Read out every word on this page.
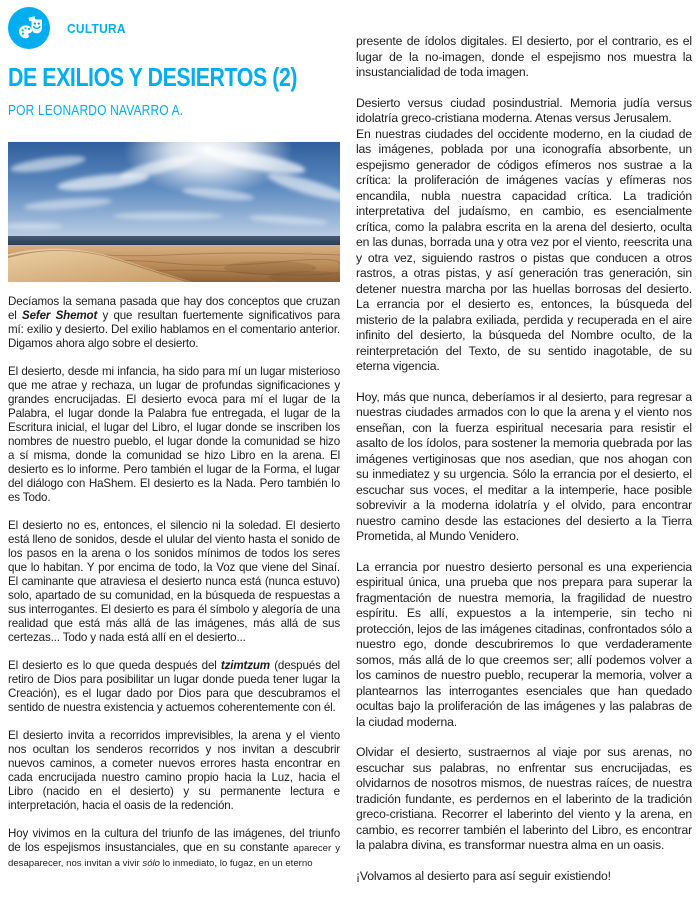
CULTURA
DE EXILIOS Y DESIERTOS (2)
POR LEONARDO NAVARRO A.

Decíamos la semana pasada que hay dos conceptos que cruzan el Sefer Shemot y que resultan fuertemente significativos para mí: exilio y desierto. Del exilio hablamos en el comentario anterior. Digamos ahora algo sobre el desierto.

El desierto, desde mi infancia, ha sido para mí un lugar misterioso que me atrae y rechaza, un lugar de profundas significaciones y grandes encrucijadas. El desierto evoca para mí el lugar de la Palabra, el lugar donde la Palabra fue entregada, el lugar de la Escritura inicial, el lugar del Libro, el lugar donde se inscriben los nombres de nuestro pueblo, el lugar donde la comunidad se hizo a sí misma, donde la comunidad se hizo Libro en la arena. El desierto es lo informe. Pero también el lugar de la Forma, el lugar del diálogo con HaShem. El desierto es la Nada. Pero también lo es Todo.

El desierto no es, entonces, el silencio ni la soledad. El desierto está lleno de sonidos, desde el ulular del viento hasta el sonido de los pasos en la arena o los sonidos mínimos de todos los seres que lo habitan. Y por encima de todo, la Voz que viene del Sinaí. El caminante que atraviesa el desierto nunca está (nunca estuvo) solo, apartado de su comunidad, en la búsqueda de respuestas a sus interrogantes. El desierto es para él símbolo y alegoría de una realidad que está más allá de las imágenes, más allá de sus certezas... Todo y nada está allí en el desierto...

El desierto es lo que queda después del tzimtzum (después del retiro de Dios para posibilitar un lugar donde pueda tener lugar la Creación), es el lugar dado por Dios para que descubramos el sentido de nuestra existencia y actuemos coherentemente con él.

El desierto invita a recorridos imprevisibles, la arena y el viento nos ocultan los senderos recorridos y nos invitan a descubrir nuevos caminos, a cometer nuevos errores hasta encontrar en cada encrucijada nuestro camino propio hacia la Luz, hacia el Libro (nacido en el desierto) y su permanente lectura e interpretación, hacia el oasis de la redención.

Hoy vivimos en la cultura del triunfo de las imágenes, del triunfo de los espejismos insustanciales, que en su constante aparecer y desaparecer, nos invitan a vivir sólo lo inmediato, lo fugaz, en un eterno

presente de ídolos digitales. El desierto, por el contrario, es el lugar de la no-imagen, donde el espejismo nos muestra la insustancialidad de toda imagen.

Desierto versus ciudad posindustrial. Memoria judía versus idolatría greco-cristiana moderna. Atenas versus Jerusalem.
En nuestras ciudades del occidente moderno, en la ciudad de las imágenes, poblada por una iconografía absorbente, un espejismo generador de códigos efímeros nos sustrae a la crítica: la proliferación de imágenes vacías y efímeras nos encandila, nubla nuestra capacidad crítica. La tradición interpretativa del judaísmo, en cambio, es esencialmente crítica, como la palabra escrita en la arena del desierto, oculta en las dunas, borrada una y otra vez por el viento, reescrita una y otra vez, siguiendo rastros o pistas que conducen a otros rastros, a otras pistas, y así generación tras generación, sin detener nuestra marcha por las huellas borrosas del desierto. La errancia por el desierto es, entonces, la búsqueda del misterio de la palabra exiliada, perdida y recuperada en el aire infinito del desierto, la búsqueda del Nombre oculto, de la reinterpretación del Texto, de su sentido inagotable, de su eterna vigencia.

Hoy, más que nunca, deberíamos ir al desierto, para regresar a nuestras ciudades armados con lo que la arena y el viento nos enseñan, con la fuerza espiritual necesaria para resistir el asalto de los ídolos, para sostener la memoria quebrada por las imágenes vertiginosas que nos asedian, que nos ahogan con su inmediatez y su urgencia. Sólo la errancia por el desierto, el escuchar sus voces, el meditar a la intemperie, hace posible sobrevivir a la moderna idolatría y el olvido, para encontrar nuestro camino desde las estaciones del desierto a la Tierra Prometida, al Mundo Venidero.

La errancia por nuestro desierto personal es una experiencia espiritual única, una prueba que nos prepara para superar la fragmentación de nuestra memoria, la fragilidad de nuestro espíritu. Es allí, expuestos a la intemperie, sin techo ni protección, lejos de las imágenes citadinas, confrontados sólo a nuestro ego, donde descubriremos lo que verdaderamente somos, más allá de lo que creemos ser; allí podemos volver a los caminos de nuestro pueblo, recuperar la memoria, volver a plantearnos las interrogantes esenciales que han quedado ocultas bajo la proliferación de las imágenes y las palabras de la ciudad moderna.

Olvidar el desierto, sustraernos al viaje por sus arenas, no escuchar sus palabras, no enfrentar sus encrucijadas, es olvidarnos de nosotros mismos, de nuestras raíces, de nuestra tradición fundante, es perdernos en el laberinto de la tradición greco-cristiana. Recorrer el laberinto del viento y la arena, en cambio, es recorrer también el laberinto del Libro, es encontrar la palabra divina, es transformar nuestra alma en un oasis.

¡Volvamos al desierto para así seguir existiendo!
